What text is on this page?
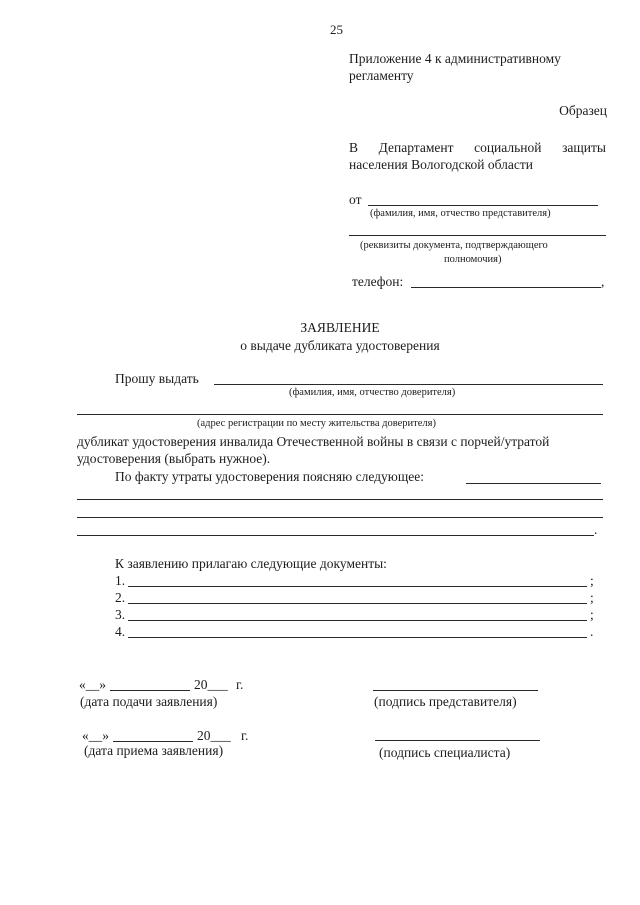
25
Приложение 4 к административному
регламенту
Образец
В Департамент социальной защиты
населения Вологодской области
от
(фамилия, имя, отчество представителя)
(реквизиты документа, подтверждающего
полномочия)
телефон:	,
ЗАЯВЛЕНИЕ
о выдаче дубликата удостоверения
Прошу выдать
(фамилия, имя, отчество доверителя)
(адрес регистрации по месту жительства доверителя)
дубликат удостоверения инвалида Отечественной войны в связи с порчей/утратой
удостоверения (выбрать нужное).
По факту утраты удостоверения поясняю следующее:
.
К заявлению прилагаю следующие документы:
1.	;
2.	;
3.	;
4.	.
«__»	20___ г.
(дата подачи заявления)	(подпись представителя)
«__»	20___ г.
(дата приема заявления)	(подпись специалиста)
